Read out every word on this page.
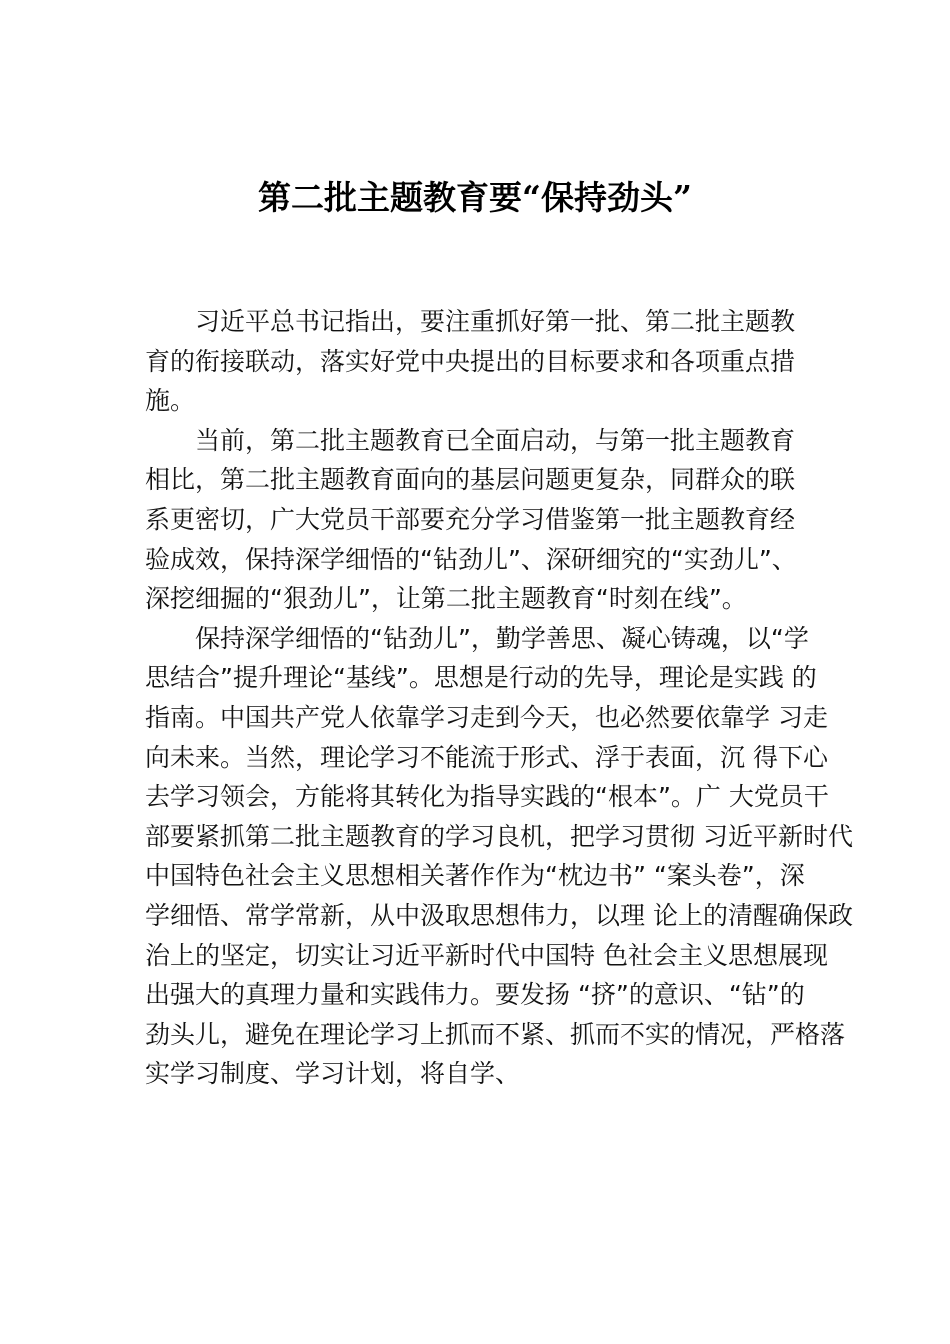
第二批主题教育要“保持劲头”
习近平总书记指出，要注重抓好第一批、第二批主题教
育的衔接联动，落实好党中央提出的目标要求和各项重点措
施。
当前，第二批主题教育已全面启动，与第一批主题教育
相比，第二批主题教育面向的基层问题更复杂，同群众的联
系更密切，广大党员干部要充分学习借鉴第一批主题教育经
验成效，保持深学细悟的“钻劲儿”、深研细究的“实劲儿”、
深挖细掘的“狠劲儿”，让第二批主题教育“时刻在线”。
保持深学细悟的“钻劲儿”，勤学善思、凝心铸魂，以“学
思结合”提升理论“基线”。思想是行动的先导，理论是实践 的
指南。中国共产党人依靠学习走到今天，也必然要依靠学 习走
向未来。当然，理论学习不能流于形式、浮于表面，沉 得下心
去学习领会，方能将其转化为指导实践的“根本”。广 大党员干
部要紧抓第二批主题教育的学习良机，把学习贯彻 习近平新时代
中国特色社会主义思想相关著作作为“枕边书” “案头卷”，深
学细悟、常学常新，从中汲取思想伟力，以理 论上的清醒确保政
治上的坚定，切实让习近平新时代中国特 色社会主义思想展现
出强大的真理力量和实践伟力。要发扬 “挤”的意识、“钻”的
劲头儿，避免在理论学习上抓而不紧、抓而不实的情况，严格落
实学习制度、学习计划，将自学、
